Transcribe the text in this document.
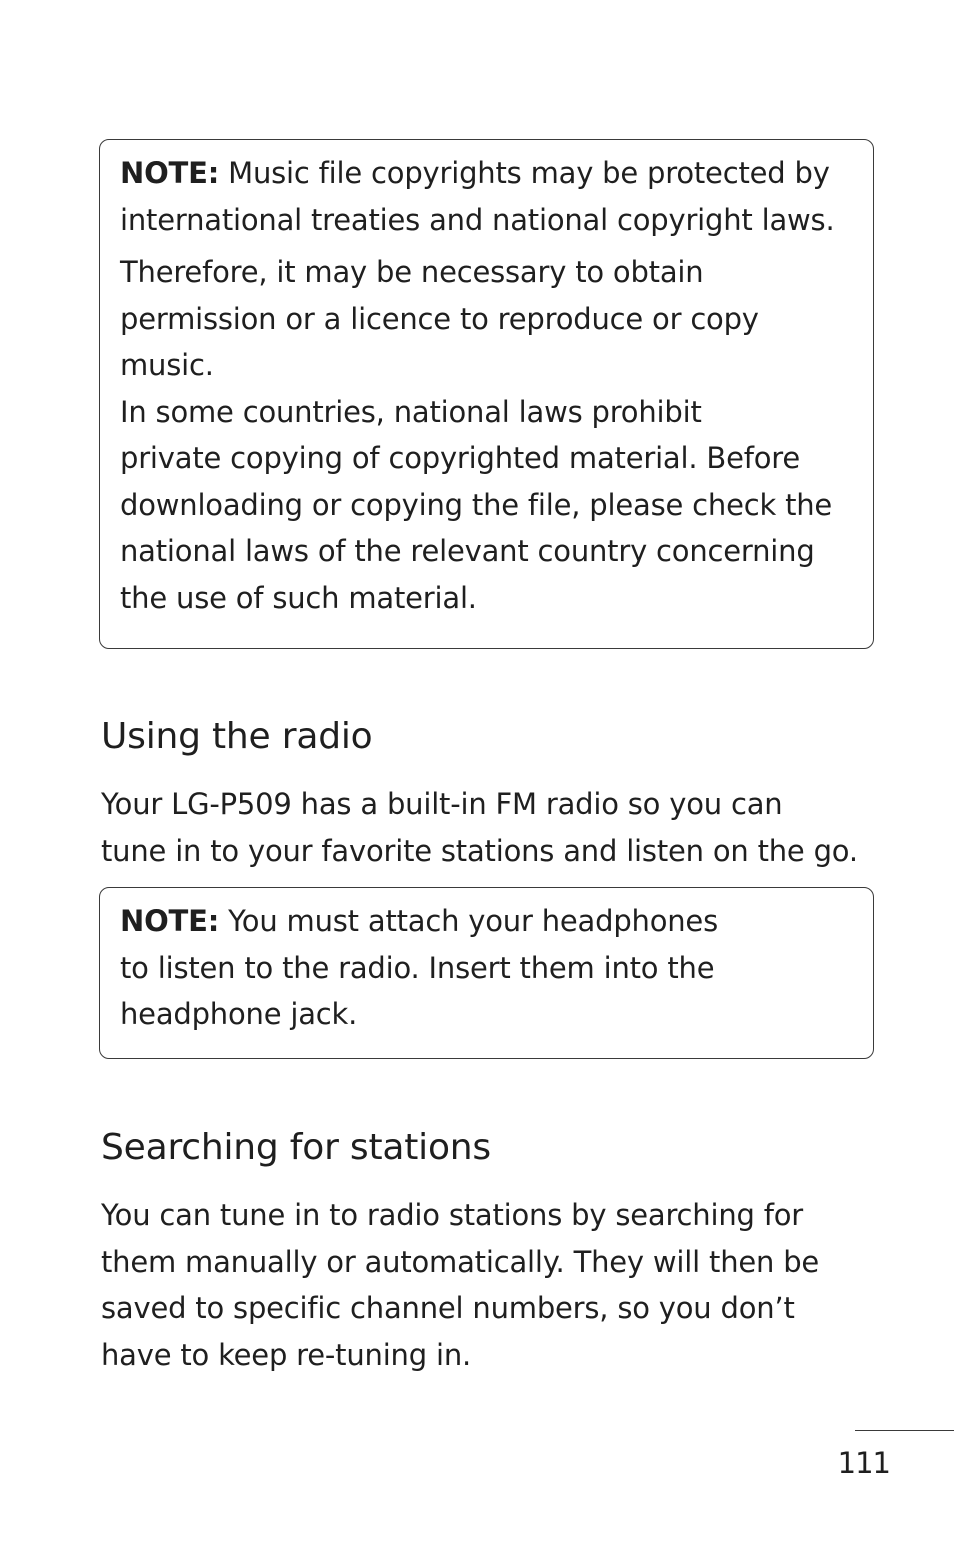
NOTE: Music file copyrights may be protected by
international treaties and national copyright laws.

Therefore, it may be necessary to obtain
permission or a licence to reproduce or copy
music.

In some countries, national laws prohibit
private copying of copyrighted material. Before
downloading or copying the file, please check the
national laws of the relevant country concerning
the use of such material.

Using the radio

Your LG-P509 has a built-in FM radio so you can
tune in to your favorite stations and listen on the go.

NOTE: You must attach your headphones
to listen to the radio. Insert them into the
headphone jack.

Searching for stations

You can tune in to radio stations by searching for
them manually or automatically. They will then be
saved to specific channel numbers, so you don’t
have to keep re-tuning in.

111
